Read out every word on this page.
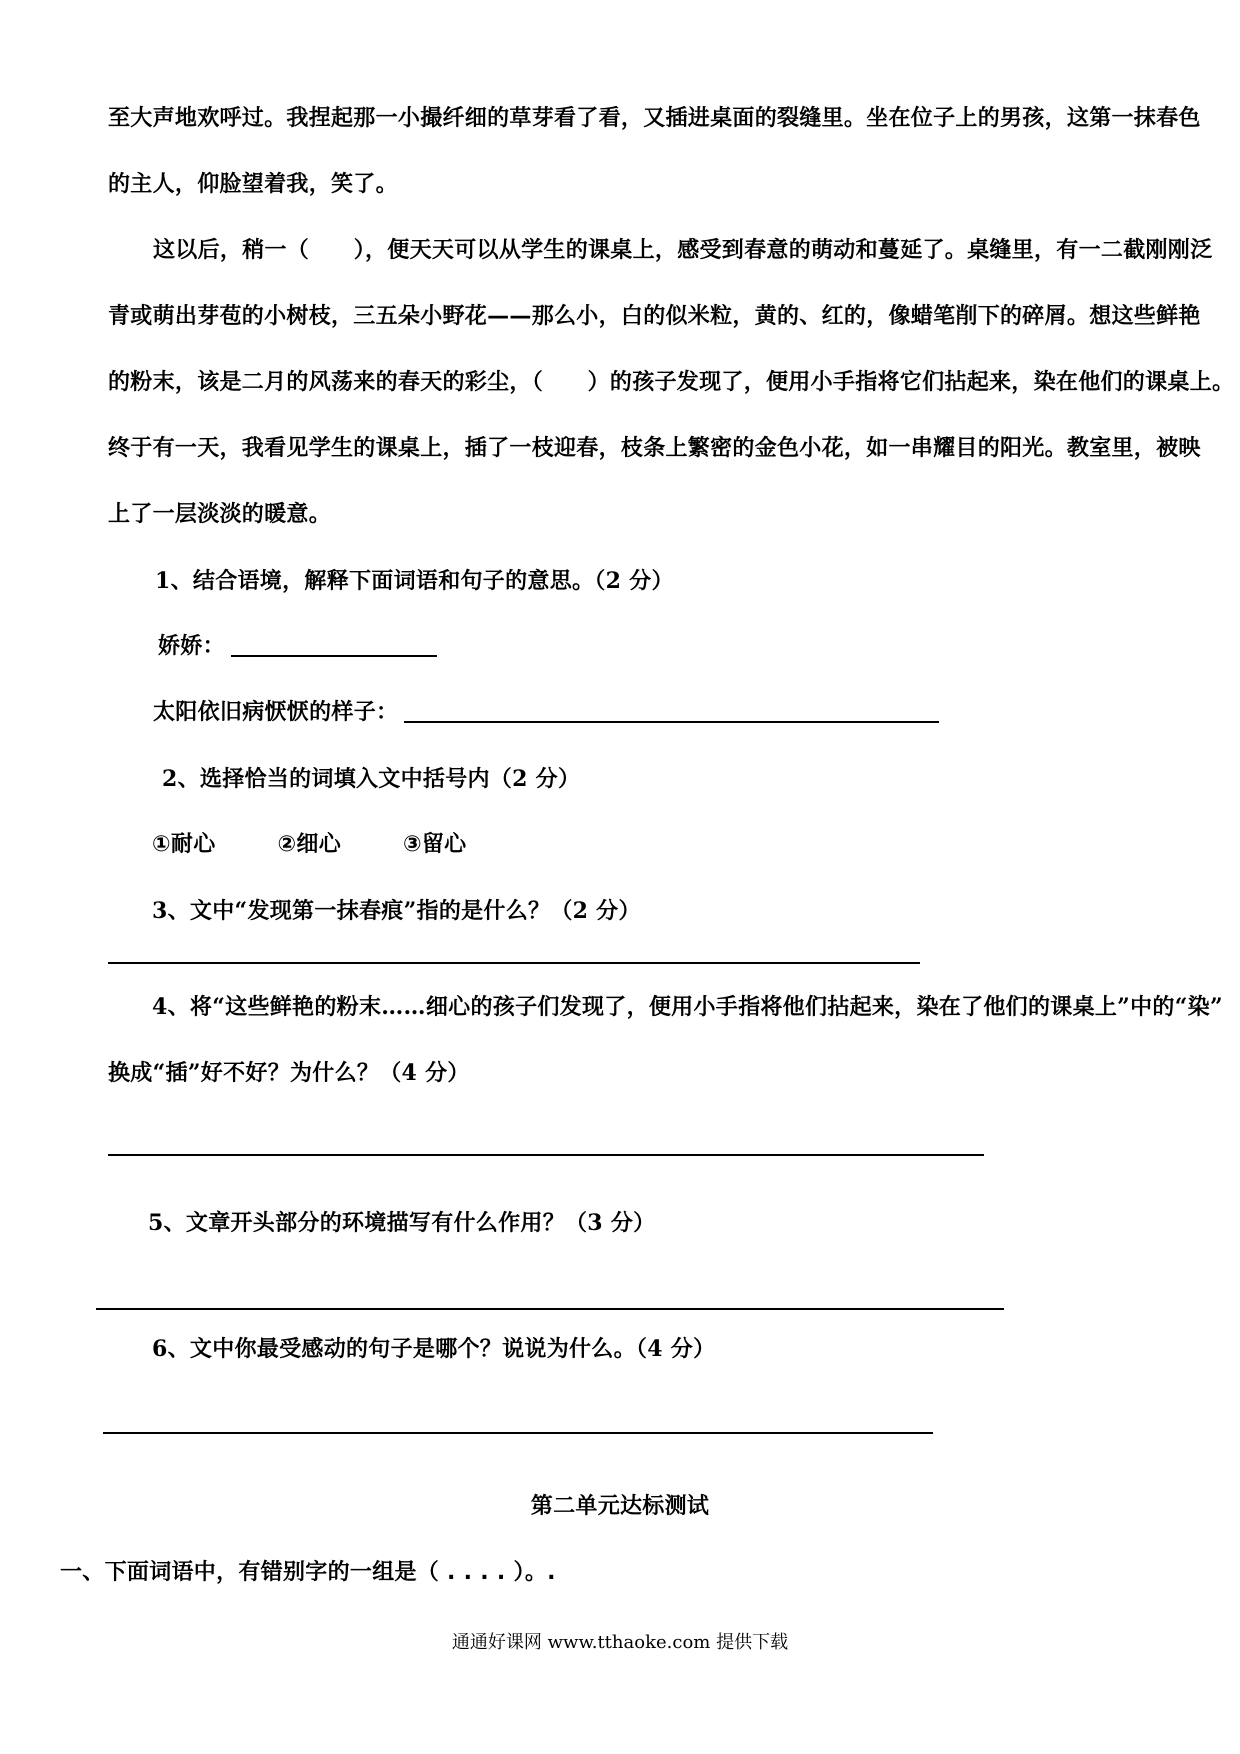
至大声地欢呼过。我捏起那一小撮纤细的草芽看了看，又插进桌面的裂缝里。坐在位子上的男孩，这第一抹春色
的主人，仰脸望着我，笑了。
这以后，稍一（　　），便天天可以从学生的课桌上，感受到春意的萌动和蔓延了。桌缝里，有一二截刚刚泛
青或萌出芽苞的小树枝，三五朵小野花——那么小，白的似米粒，黄的、红的，像蜡笔削下的碎屑。想这些鲜艳
的粉末，该是二月的风荡来的春天的彩尘，（　　）的孩子发现了，便用小手指将它们拈起来，染在他们的课桌上。
终于有一天，我看见学生的课桌上，插了一枝迎春，枝条上繁密的金色小花，如一串耀目的阳光。教室里，被映
上了一层淡淡的暖意。
1、结合语境，解释下面词语和句子的意思。（2 分）
娇娇：
太阳依旧病恹恹的样子：
2、选择恰当的词填入文中括号内（2 分）
①耐心	②细心	③留心
3、文中“发现第一抹春痕”指的是什么？（2 分）
4、将“这些鲜艳的粉末……细心的孩子们发现了，便用小手指将他们拈起来，染在了他们的课桌上”中的“染”
换成“插”好不好？为什么？（4 分）
5、文章开头部分的环境描写有什么作用？（3 分）
6、文中你最受感动的句子是哪个？说说为什么。（4 分）
第二单元达标测试
一、下面词语中，有错别字的一组是（ . . . . ）。.
通通好课网 www.tthaoke.com 提供下载
